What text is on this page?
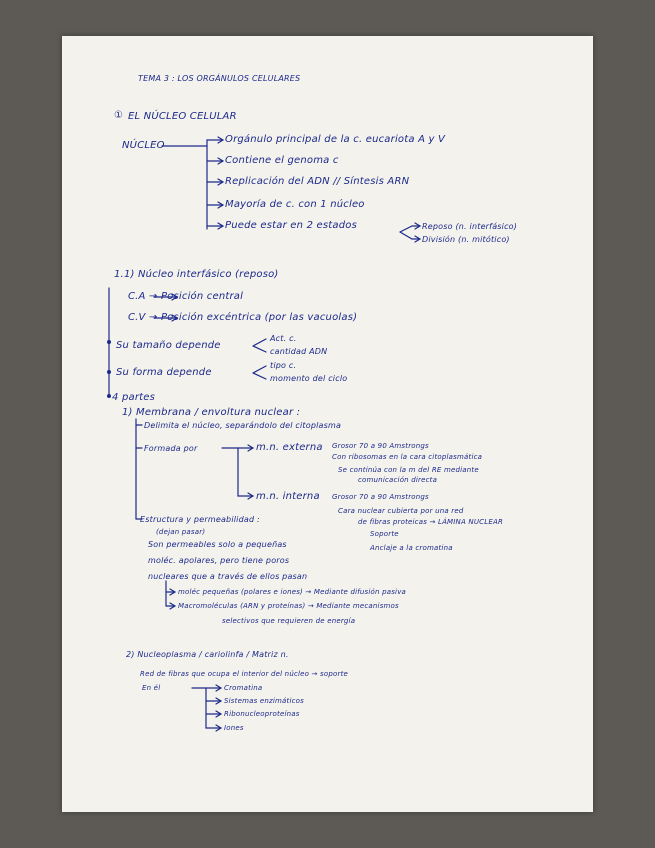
TEMA 3 : LOS ORGÁNULOS CELULARES
① EL NÚCLEO CELULAR
NÚCLEO
Orgánulo principal de la c. eucariota A y V
Contiene el genoma c
Replicación del ADN // Síntesis ARN
Mayoría de c. con 1 núcleo
Puede estar en 2 estados	Reposo (n. interfásico)
División (n. mitótico)
1.1) Núcleo interfásico (reposo)
C.A → Posición central
C.V → Posición excéntrica (por las vacuolas)
Su tamaño depende
Act. c.
cantidad ADN
Su forma depende
tipo c.
momento del ciclo
4 partes
1) Membrana / envoltura nuclear :
Delimita el núcleo, separándolo del citoplasma
Formada por	m.n. externa Grosor 70 a 90 Amstrongs
Con ribosomas en la cara citoplasmática
Se continúa con la m del RE mediante
comunicación directa
m.n. interna Grosor 70 a 90 Amstrongs
Cara nuclear cubierta por una red
de fibras proteicas → LÁMINA NUCLEAR
Soporte
Anclaje a la cromatina
Estructura y permeabilidad :
(dejan pasar)
Son permeables solo a pequeñas
moléc. apolares, pero tiene poros
nucleares que a través de ellos pasan
moléc pequeñas (polares e iones) → Mediante difusión pasiva
Macromoléculas (ARN y proteínas) → Mediante mecanismos
selectivos que requieren de energía
2) Nucleoplasma / cariolinfa / Matriz n.
Red de fibras que ocupa el interior del núcleo → soporte
En él	Cromatina
Sistemas enzimáticos
Ribonucleoproteínas
Iones
